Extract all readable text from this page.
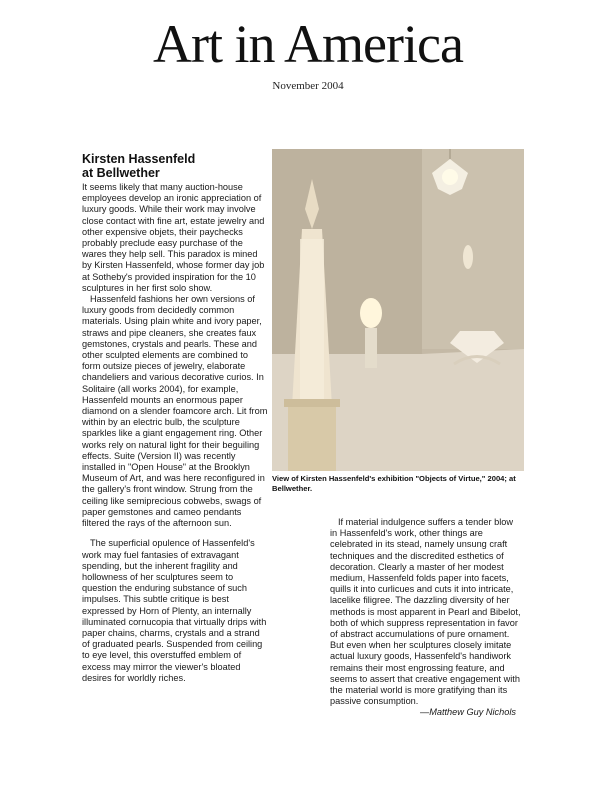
Art in America
November 2004
Kirsten Hassenfeld
at Bellwether

It seems likely that many auction-house employees develop an ironic appreciation of luxury goods. While their work may involve close contact with fine art, estate jewelry and other expensive objets, their paychecks probably preclude easy purchase of the wares they help sell. This paradox is mined by Kirsten Hassenfeld, whose former day job at Sotheby's provided inspiration for the 10 sculptures in her first solo show.

Hassenfeld fashions her own versions of luxury goods from decidedly common materials. Using plain white and ivory paper, straws and pipe cleaners, she creates faux gemstones, crystals and pearls. These and other sculpted elements are combined to form outsize pieces of jewelry, elaborate chandeliers and various decorative curios. In Solitaire (all works 2004), for example, Hassenfeld mounts an enormous paper diamond on a slender foamcore arch. Lit from within by an electric bulb, the sculpture sparkles like a giant engagement ring. Other works rely on natural light for their beguiling effects. Suite (Version II) was recently installed in "Open House" at the Brooklyn Museum of Art, and was here reconfigured in the gallery's front window. Strung from the ceiling like semiprecious cobwebs, swags of paper gemstones and cameo pendants filtered the rays of the afternoon sun.

The superficial opulence of Hassenfeld's work may fuel fantasies of extravagant spending, but the inherent fragility and hollowness of her sculptures seem to question the enduring substance of such impulses. This subtle critique is best expressed by Horn of Plenty, an internally illuminated cornucopia that virtually drips with paper chains, charms, crystals and a strand of graduated pearls. Suspended from ceiling to eye level, this overstuffed emblem of excess may mirror the viewer's bloated desires for worldly riches.

View of Kirsten Hassenfeld's exhibition "Objects of Virtue," 2004; at Bellwether.

If material indulgence suffers a tender blow in Hassenfeld's work, other things are celebrated in its stead, namely unsung craft techniques and the discredited esthetics of decoration. Clearly a master of her modest medium, Hassenfeld folds paper into facets, quills it into curlicues and cuts it into intricate, lacelike filigree. The dazzling diversity of her methods is most apparent in Pearl and Bibelot, both of which suppress representation in favor of abstract accumulations of pure ornament. But even when her sculptures closely imitate actual luxury goods, Hassenfeld's handiwork remains their most engrossing feature, and seems to assert that creative engagement with the material world is more gratifying than its passive consumption.

—Matthew Guy Nichols
